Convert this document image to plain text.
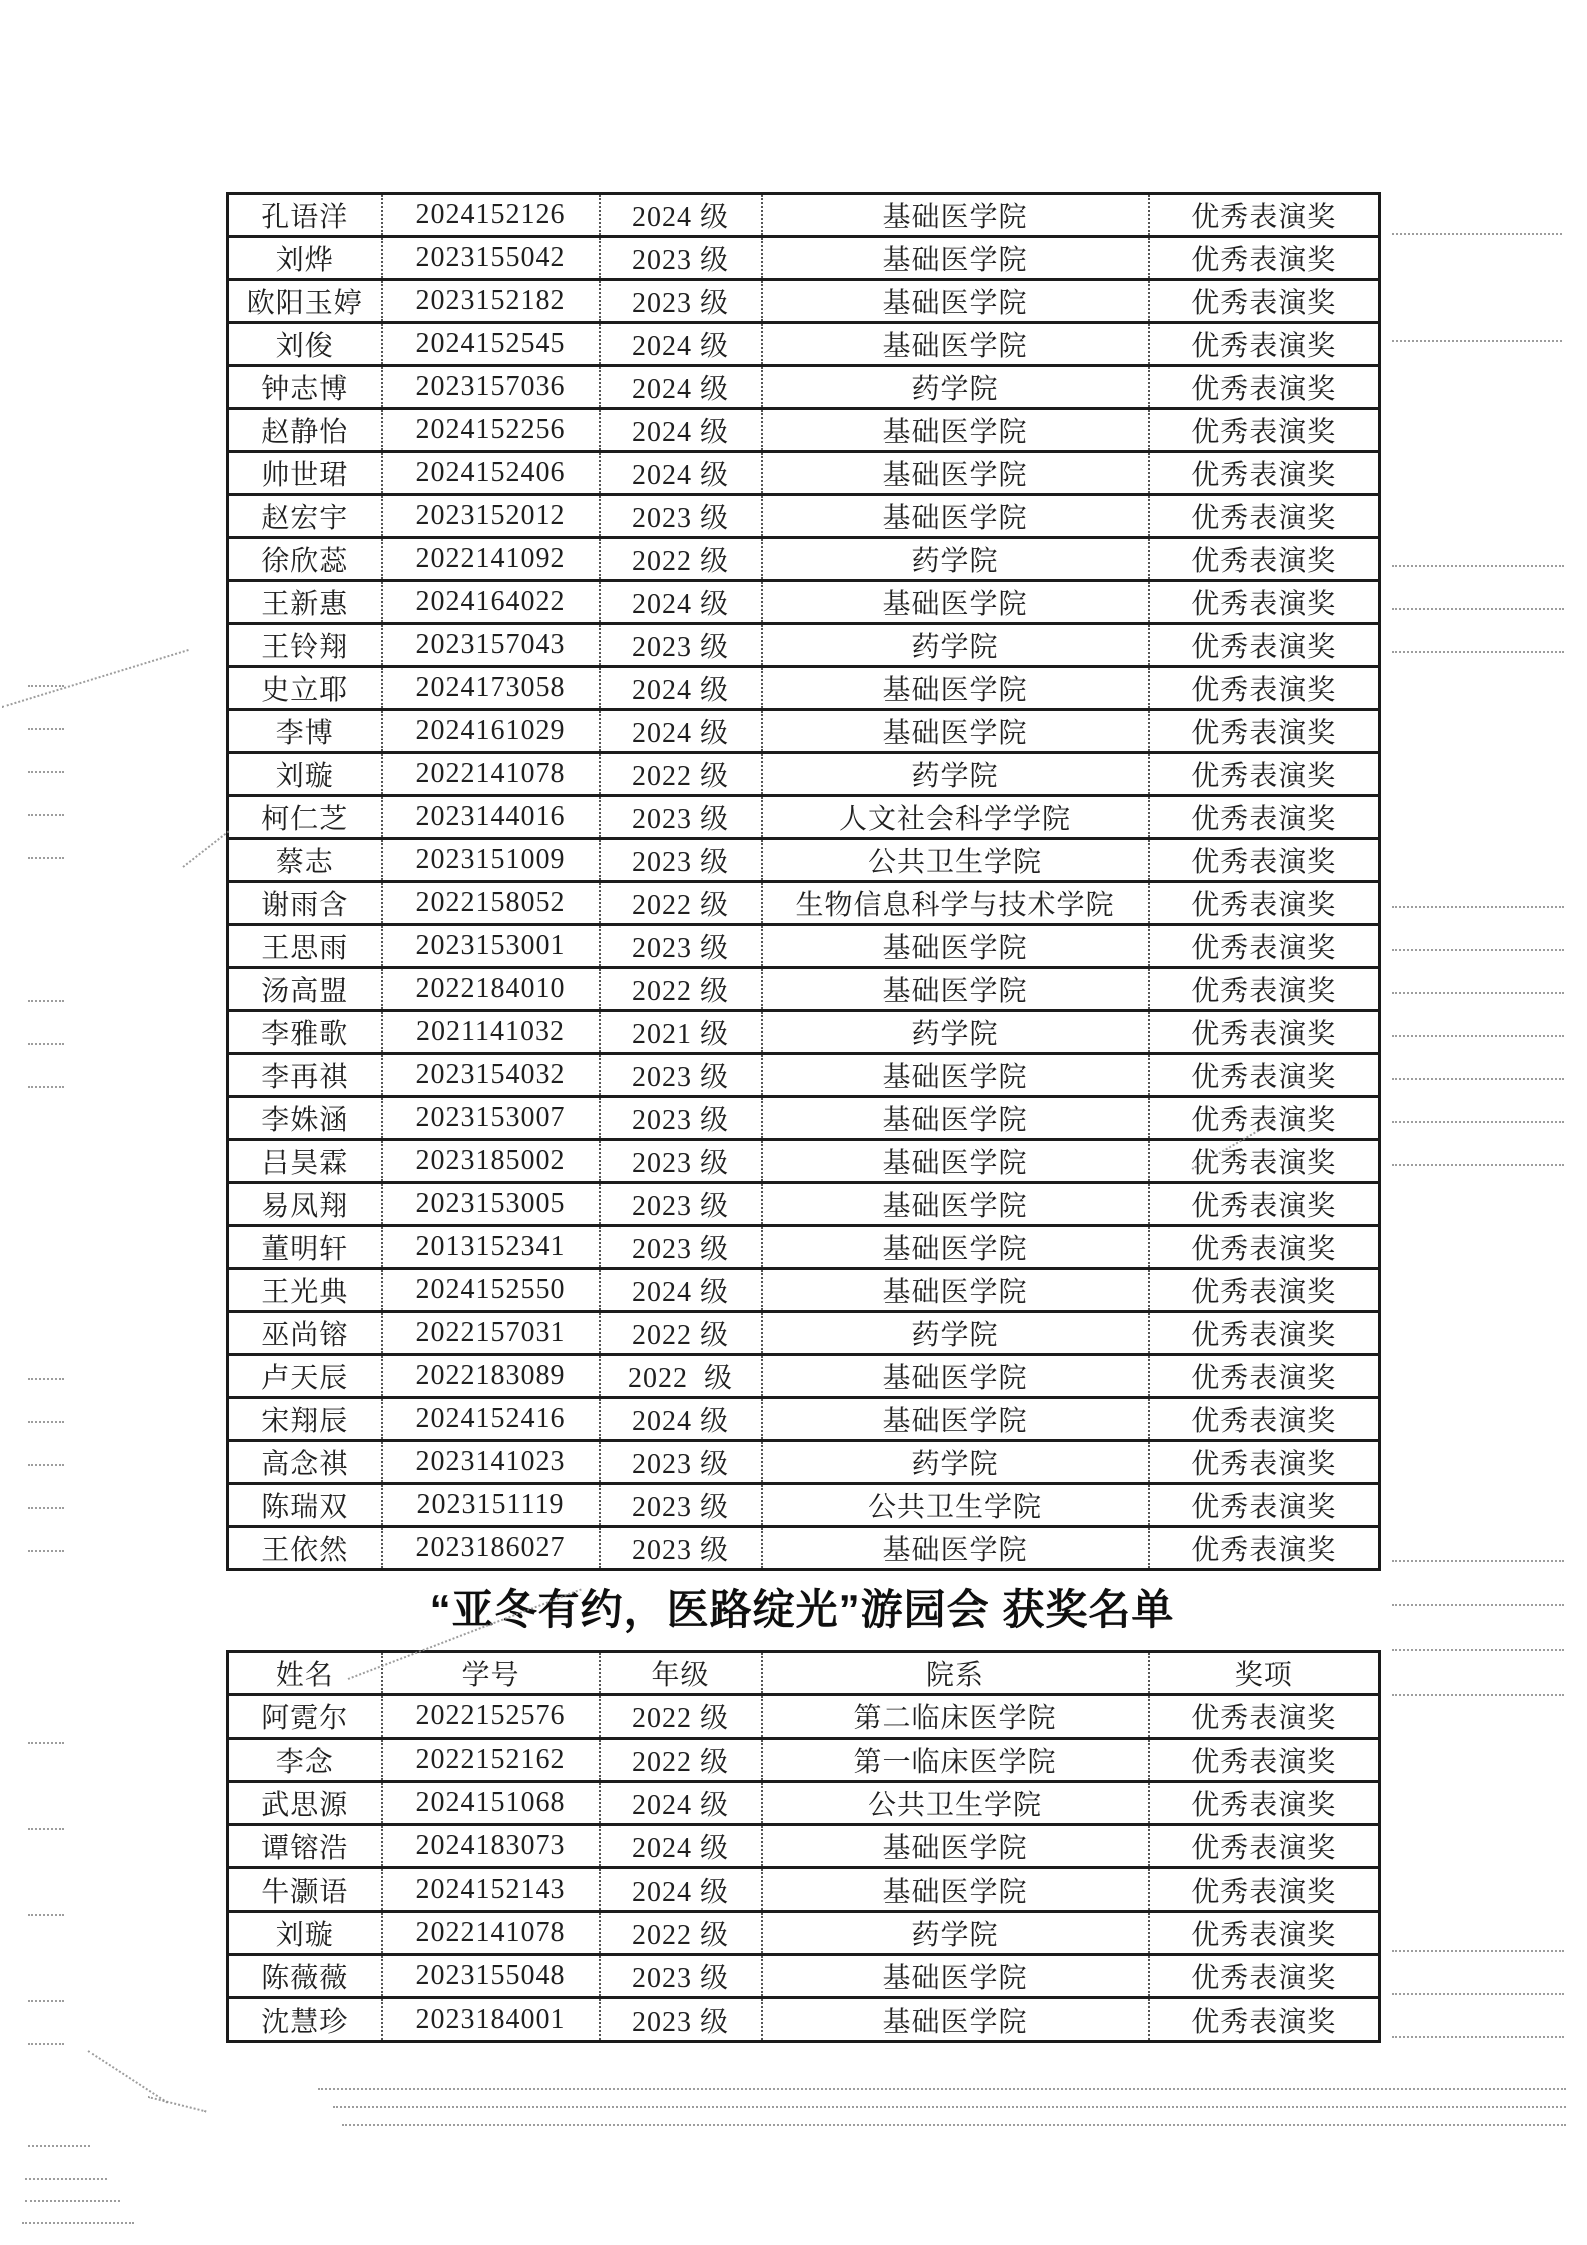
孔语洋	2024152126	2024 级	基础医学院	优秀表演奖
刘烨	2023155042	2023 级	基础医学院	优秀表演奖
欧阳玉婷	2023152182	2023 级	基础医学院	优秀表演奖
刘俊	2024152545	2024 级	基础医学院	优秀表演奖
钟志博	2023157036	2024 级	药学院	优秀表演奖
赵静怡	2024152256	2024 级	基础医学院	优秀表演奖
帅世珺	2024152406	2024 级	基础医学院	优秀表演奖
赵宏宇	2023152012	2023 级	基础医学院	优秀表演奖
徐欣蕊	2022141092	2022 级	药学院	优秀表演奖
王新惠	2024164022	2024 级	基础医学院	优秀表演奖
王铃翔	2023157043	2023 级	药学院	优秀表演奖
史立耶	2024173058	2024 级	基础医学院	优秀表演奖
李博	2024161029	2024 级	基础医学院	优秀表演奖
刘璇	2022141078	2022 级	药学院	优秀表演奖
柯仁芝	2023144016	2023 级	人文社会科学学院	优秀表演奖
蔡志	2023151009	2023 级	公共卫生学院	优秀表演奖
谢雨含	2022158052	2022 级	生物信息科学与技术学院	优秀表演奖
王思雨	2023153001	2023 级	基础医学院	优秀表演奖
汤高盟	2022184010	2022 级	基础医学院	优秀表演奖
李雅歌	2021141032	2021 级	药学院	优秀表演奖
李再祺	2023154032	2023 级	基础医学院	优秀表演奖
李姝涵	2023153007	2023 级	基础医学院	优秀表演奖
吕昊霖	2023185002	2023 级	基础医学院	优秀表演奖
易凤翔	2023153005	2023 级	基础医学院	优秀表演奖
董明轩	2013152341	2023 级	基础医学院	优秀表演奖
王光典	2024152550	2024 级	基础医学院	优秀表演奖
巫尚镕	2022157031	2022 级	药学院	优秀表演奖
卢天辰	2022183089	2022  级	基础医学院	优秀表演奖
宋翔辰	2024152416	2024 级	基础医学院	优秀表演奖
高念祺	2023141023	2023 级	药学院	优秀表演奖
陈瑞双	2023151119	2023 级	公共卫生学院	优秀表演奖
王依然	2023186027	2023 级	基础医学院	优秀表演奖
“亚冬有约，医路绽光”游园会 获奖名单
姓名	学号	年级	院系	奖项
阿霓尔	2022152576	2022 级	第二临床医学院	优秀表演奖
李念	2022152162	2022 级	第一临床医学院	优秀表演奖
武思源	2024151068	2024 级	公共卫生学院	优秀表演奖
谭镕浩	2024183073	2024 级	基础医学院	优秀表演奖
牛灏语	2024152143	2024 级	基础医学院	优秀表演奖
刘璇	2022141078	2022 级	药学院	优秀表演奖
陈薇薇	2023155048	2023 级	基础医学院	优秀表演奖
沈慧珍	2023184001	2023 级	基础医学院	优秀表演奖
